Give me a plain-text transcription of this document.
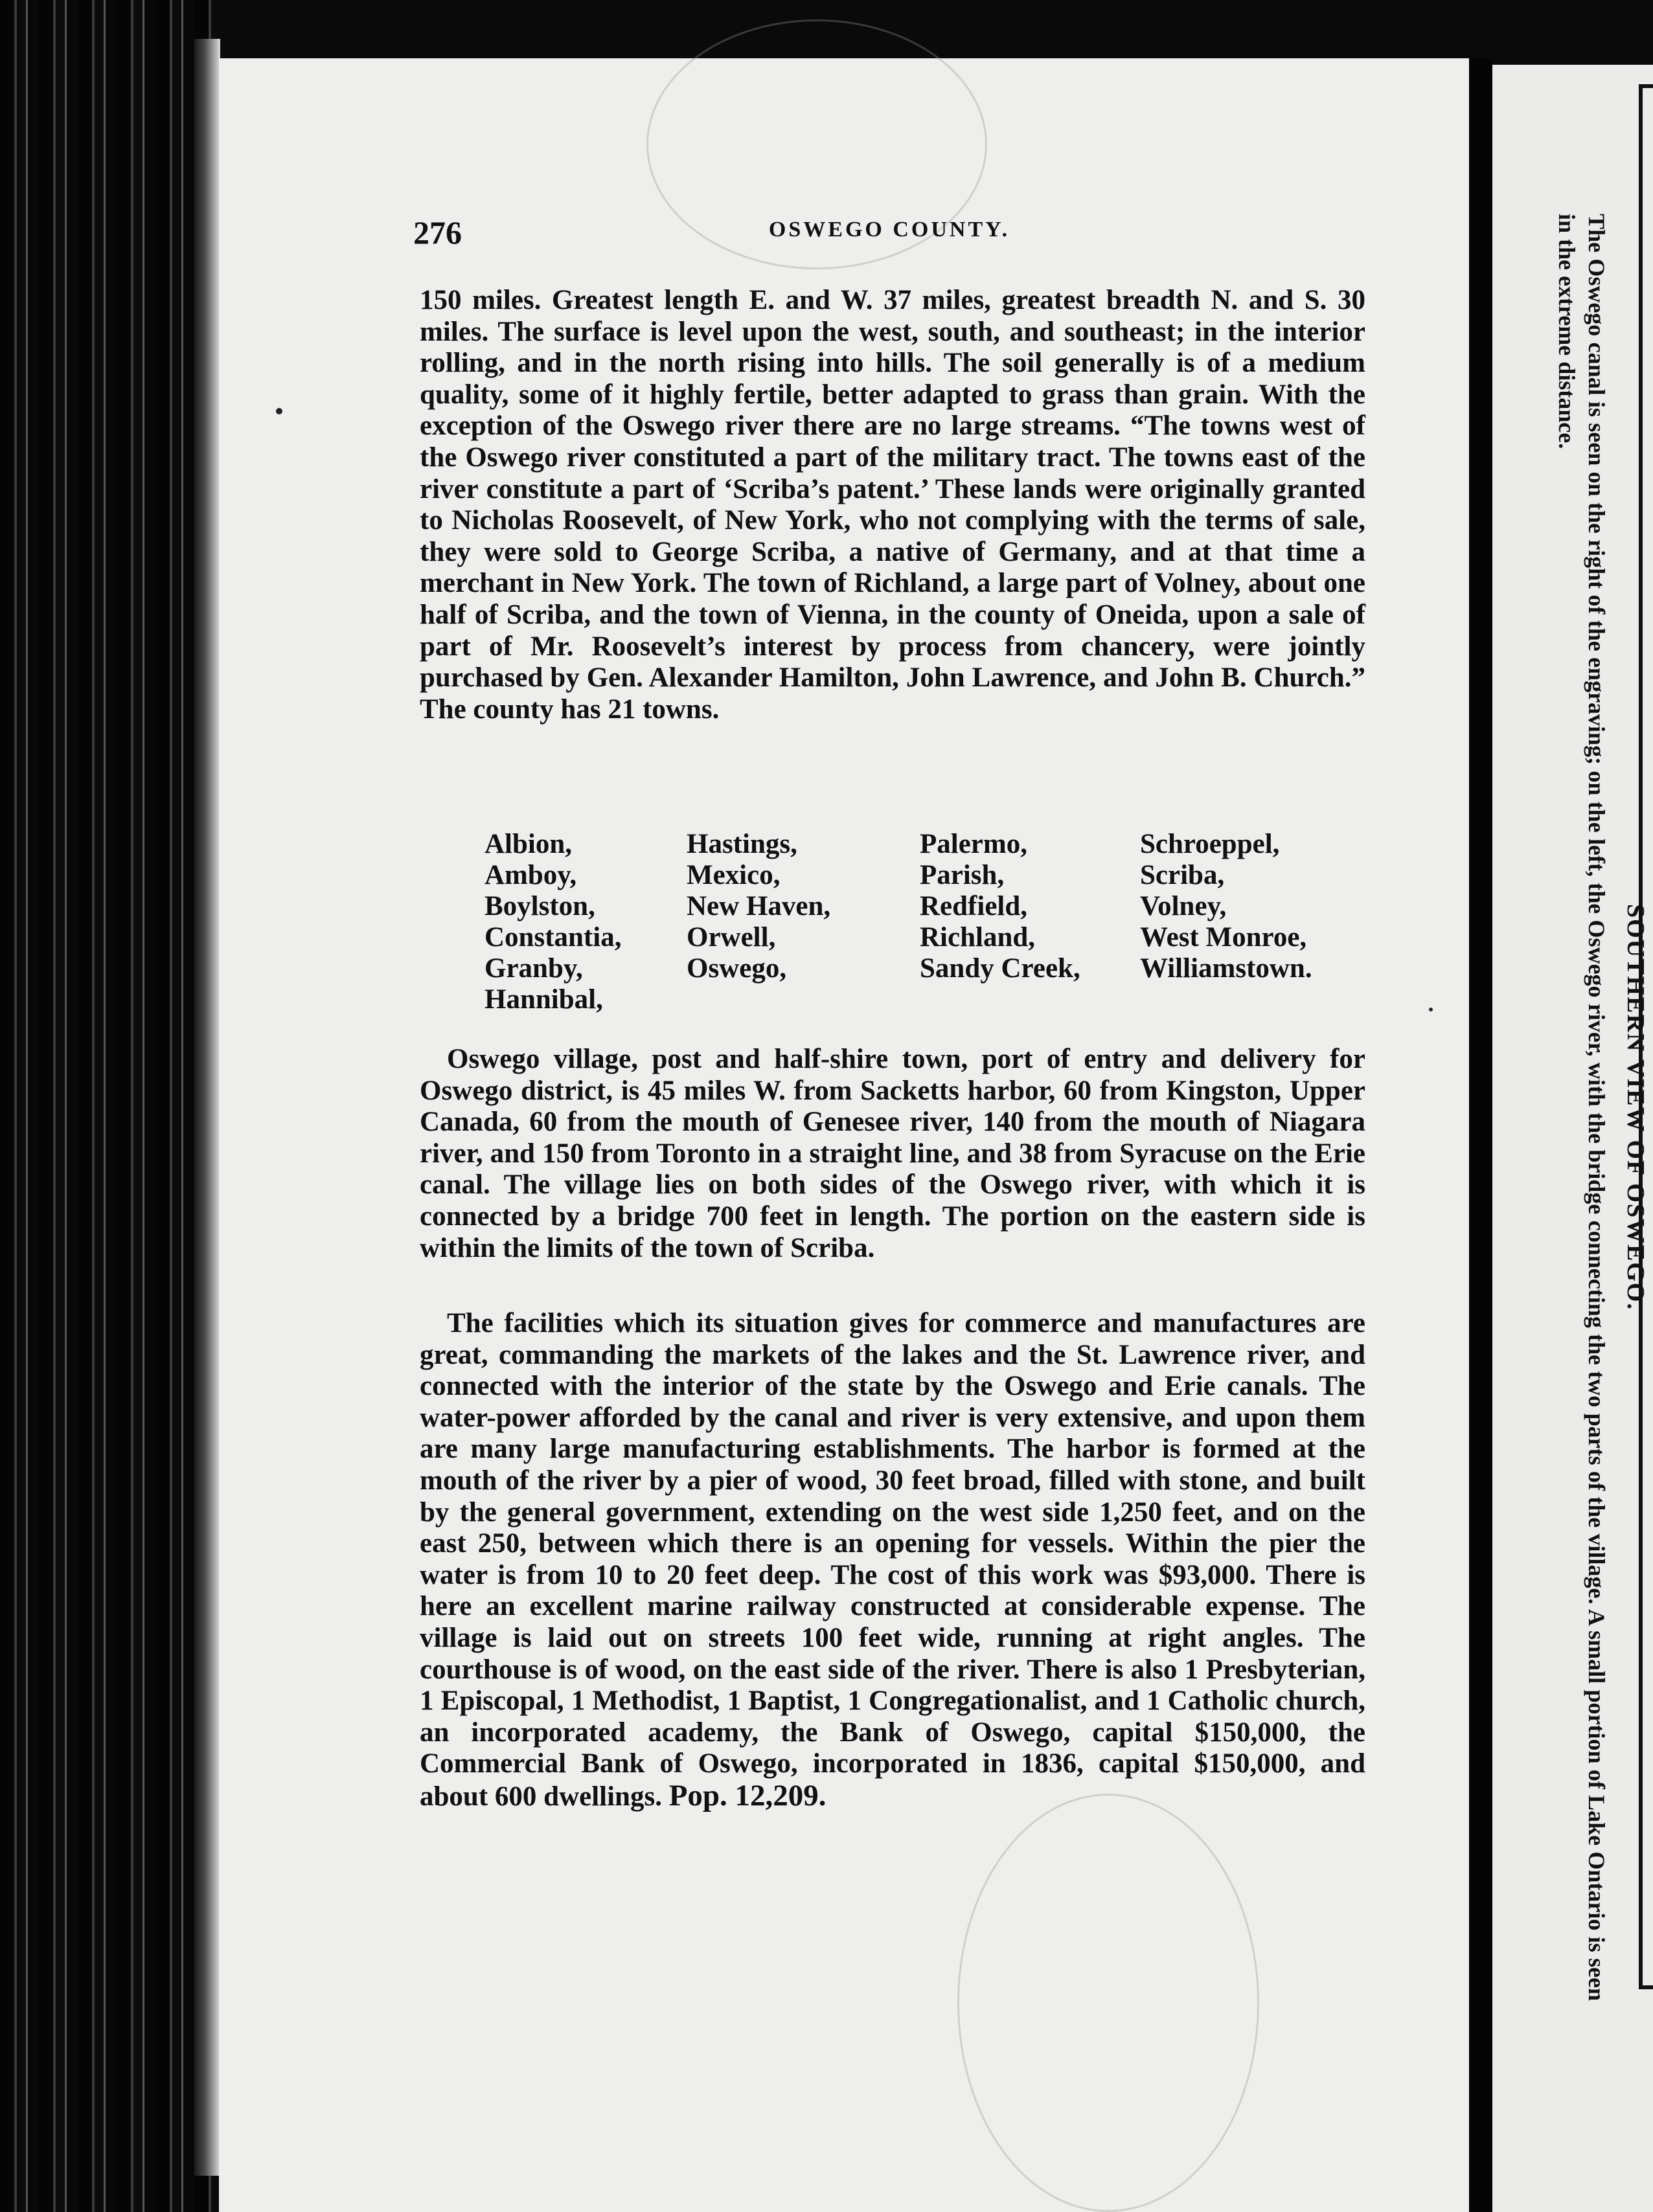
276	OSWEGO COUNTY.

150 miles. Greatest length E. and W. 37 miles, greatest breadth N. and S. 30 miles. The surface is level upon the west, south, and southeast; in the interior rolling, and in the north rising into hills. The soil generally is of a medium quality, some of it highly fertile, better adapted to grass than grain. With the exception of the Oswego river there are no large streams. “The towns west of the Oswego river constituted a part of the military tract. The towns east of the river constitute a part of ‘Scriba’s patent.’ These lands were originally granted to Nicholas Roosevelt, of New York, who not complying with the terms of sale, they were sold to George Scriba, a native of Germany, and at that time a merchant in New York. The town of Richland, a large part of Volney, about one half of Scriba, and the town of Vienna, in the county of Oneida, upon a sale of part of Mr. Roosevelt’s interest by process from chancery, were jointly purchased by Gen. Alexander Hamilton, John Lawrence, and John B. Church.” The county has 21 towns.

Albion,
Amboy,
Boylston,
Constantia,
Granby,
Hannibal,
Hastings,
Mexico,
New Haven,
Orwell,
Oswego,
Palermo,
Parish,
Redfield,
Richland,
Sandy Creek,
Schroeppel,
Scriba,
Volney,
West Monroe,
Williamstown.

Oswego village, post and half-shire town, port of entry and delivery for Oswego district, is 45 miles W. from Sacketts harbor, 60 from Kingston, Upper Canada, 60 from the mouth of Genesee river, 140 from the mouth of Niagara river, and 150 from Toronto in a straight line, and 38 from Syracuse on the Erie canal. The village lies on both sides of the Oswego river, with which it is connected by a bridge 700 feet in length. The portion on the eastern side is within the limits of the town of Scriba.

The facilities which its situation gives for commerce and manufactures are great, commanding the markets of the lakes and the St. Lawrence river, and connected with the interior of the state by the Oswego and Erie canals. The water-power afforded by the canal and river is very extensive, and upon them are many large manufacturing establishments. The harbor is formed at the mouth of the river by a pier of wood, 30 feet broad, filled with stone, and built by the general government, extending on the west side 1,250 feet, and on the east 250, between which there is an opening for vessels. Within the pier the water is from 10 to 20 feet deep. The cost of this work was $93,000. There is here an excellent marine railway constructed at considerable expense. The village is laid out on streets 100 feet wide, running at right angles. The courthouse is of wood, on the east side of the river. There is also 1 Presbyterian, 1 Episcopal, 1 Methodist, 1 Baptist, 1 Congregationalist, and 1 Catholic church, an incorporated academy, the Bank of Oswego, capital $150,000, the Commercial Bank of Oswego, incorporated in 1836, capital $150,000, and about 600 dwellings. Pop. 12,209.

SOUTHERN VIEW OF OSWEGO.

The Oswego canal is seen on the right of the engraving; on the left, the Oswego river, with the bridge connecting the two parts of the village. A small portion of Lake Ontario is seen in the extreme distance.
